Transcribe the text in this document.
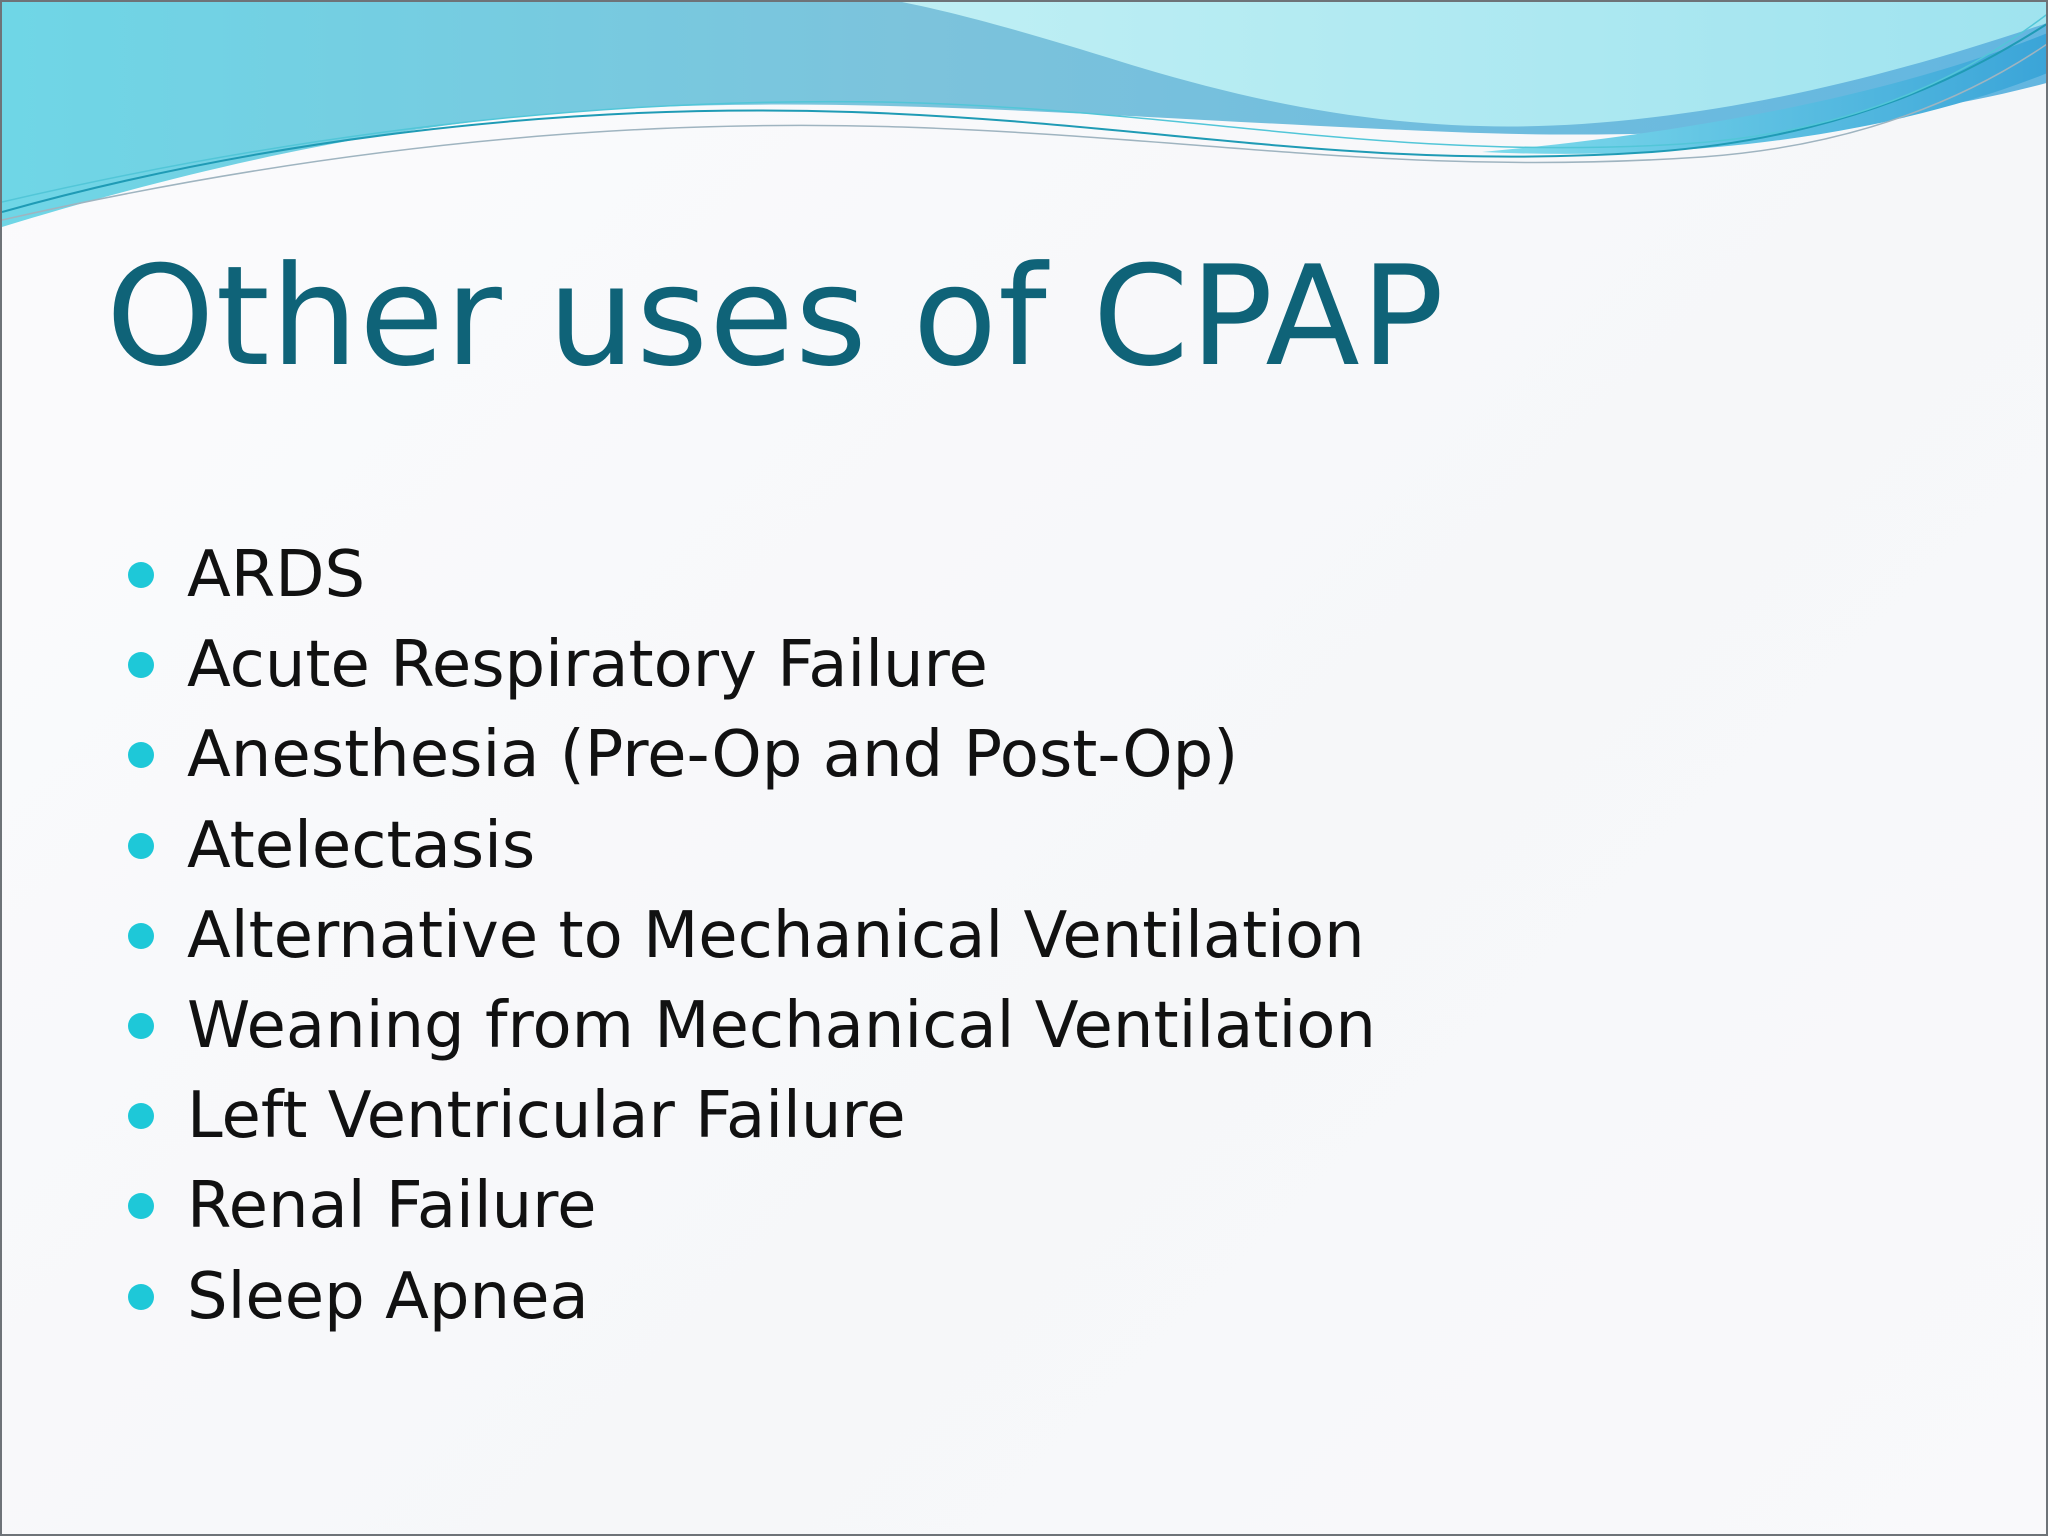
Other uses of CPAP
ARDS
Acute Respiratory Failure
Anesthesia (Pre-Op and Post-Op)
Atelectasis
Alternative to Mechanical Ventilation
Weaning from Mechanical Ventilation
Left Ventricular Failure
Renal Failure
Sleep Apnea
